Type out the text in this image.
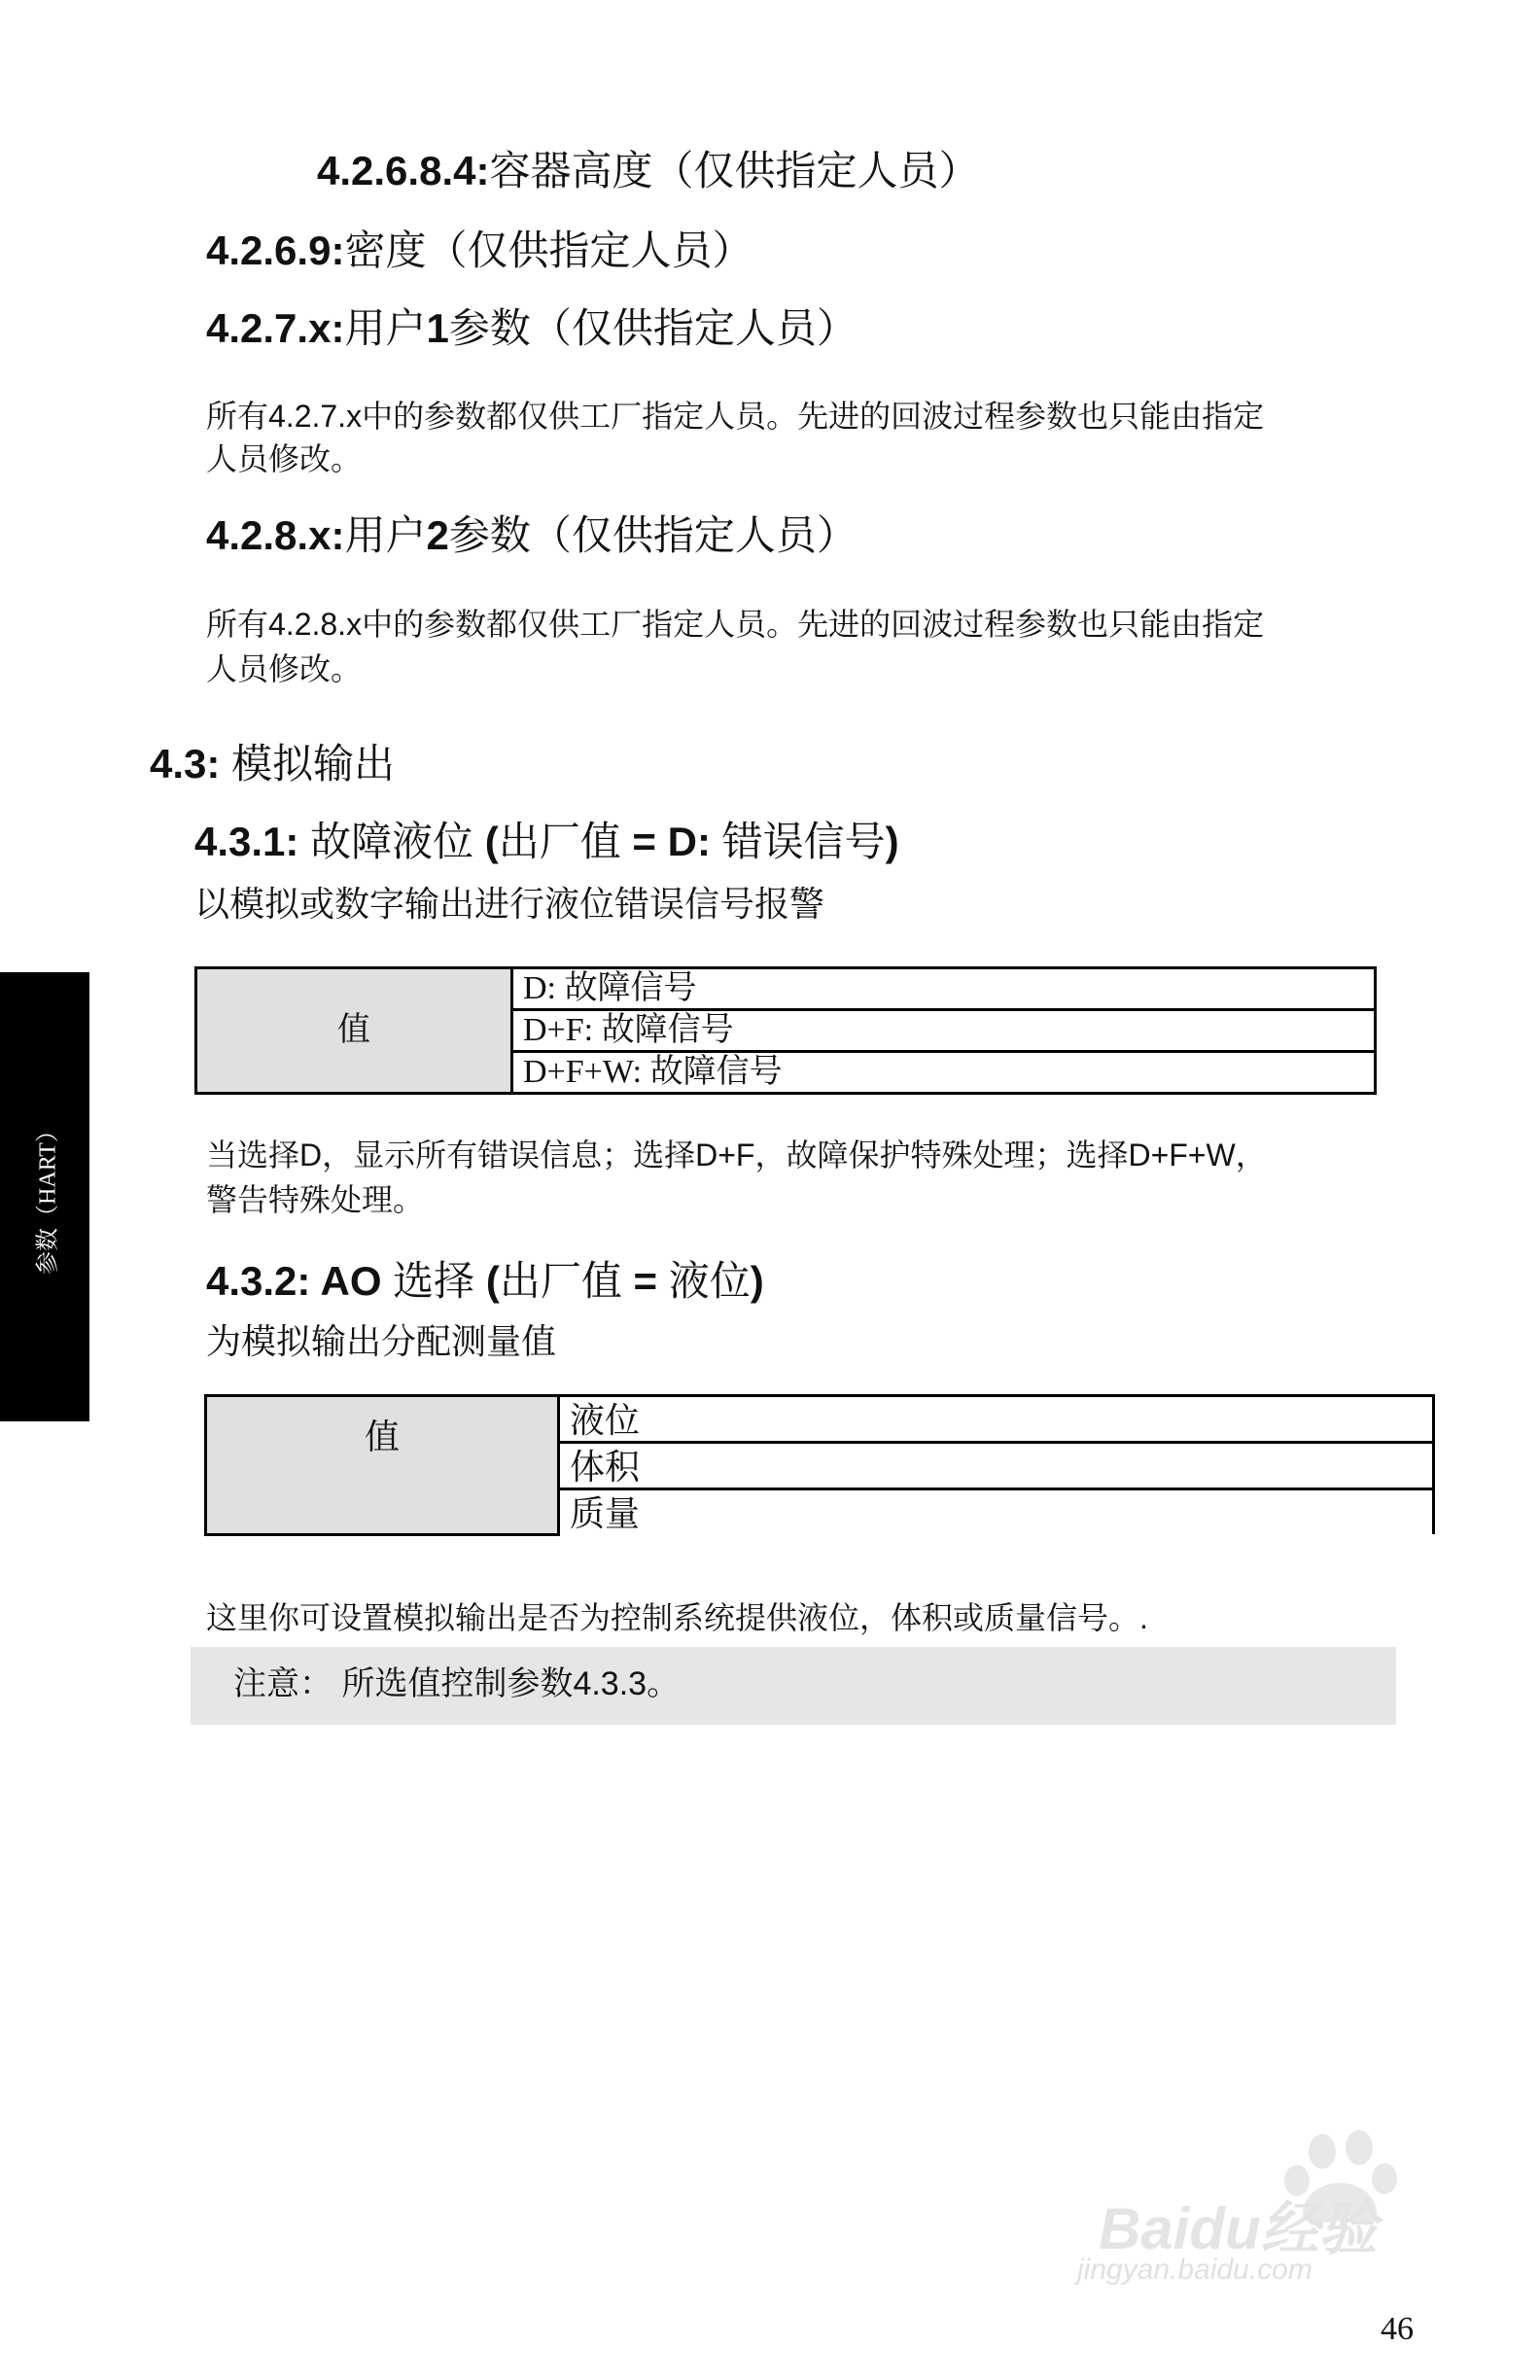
4.2.6.8.4:容器高度（仅供指定人员）
4.2.6.9:密度（仅供指定人员）
4.2.7.x:用户1参数（仅供指定人员）
所有4.2.7.x中的参数都仅供工厂指定人员。先进的回波过程参数也只能由指定
人员修改。
4.2.8.x:用户2参数（仅供指定人员）
所有4.2.8.x中的参数都仅供工厂指定人员。先进的回波过程参数也只能由指定
人员修改。
4.3: 模拟输出
4.3.1: 故障液位 (出厂值 = D: 错误信号)
以模拟或数字输出进行液位错误信号报警
值	D: 故障信号
D+F: 故障信号
D+F+W: 故障信号
当选择D，显示所有错误信息；选择D+F，故障保护特殊处理；选择D+F+W，
警告特殊处理。
4.3.2: AO 选择 (出厂值 = 液位)
为模拟输出分配测量值
值	液位
体积
质量
这里你可设置模拟输出是否为控制系统提供液位，体积或质量信号。.
注意： 所选值控制参数4.3.3。
参数（HART）
Baidu经验
jingyan.baidu.com
46
